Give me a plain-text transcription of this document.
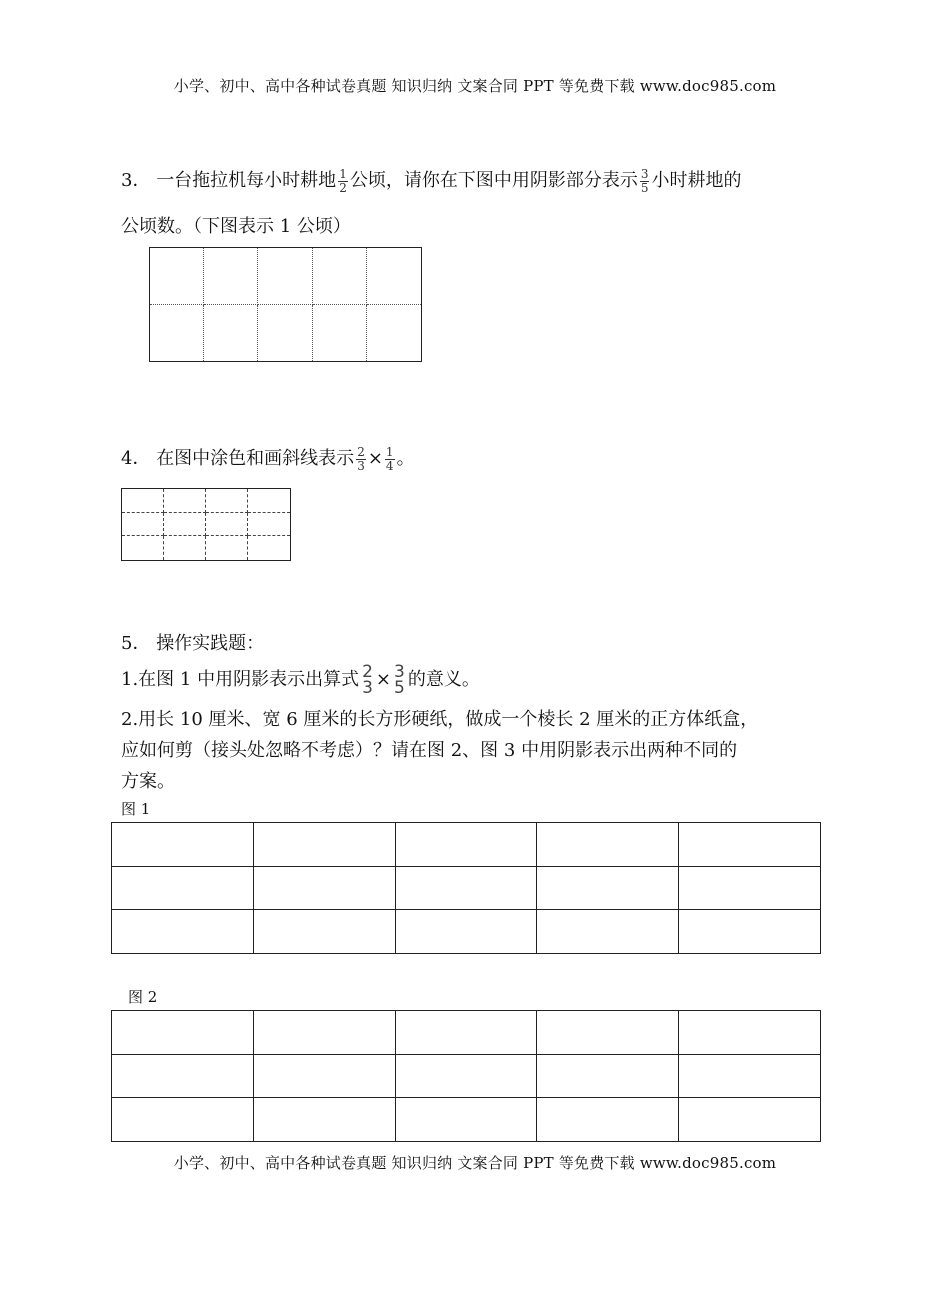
小学、初中、高中各种试卷真题 知识归纳 文案合同 PPT 等免费下载 www.doc985.com
3． 一台拖拉机每小时耕地 $\frac{1}{2}$ 公顷，请你在下图中用阴影部分表示 $\frac{3}{5}$ 小时耕地的
公顷数。（下图表示 1 公顷）
4． 在图中涂色和画斜线表示 $\frac{2}{3} \times \frac{1}{4}$ 。
5． 操作实践题：
1.在图 1 中用阴影表示出算式 2
3 × 3
5 的意义。
2.用长 10 厘米、宽 6 厘米的长方形硬纸，做成一个棱长 2 厘米的正方体纸盒，
应如何剪（接头处忽略不考虑）？请在图 2、图 3 中用阴影表示出两种不同的
方案。
图 1
图 2
小学、初中、高中各种试卷真题 知识归纳 文案合同 PPT 等免费下载 www.doc985.com
